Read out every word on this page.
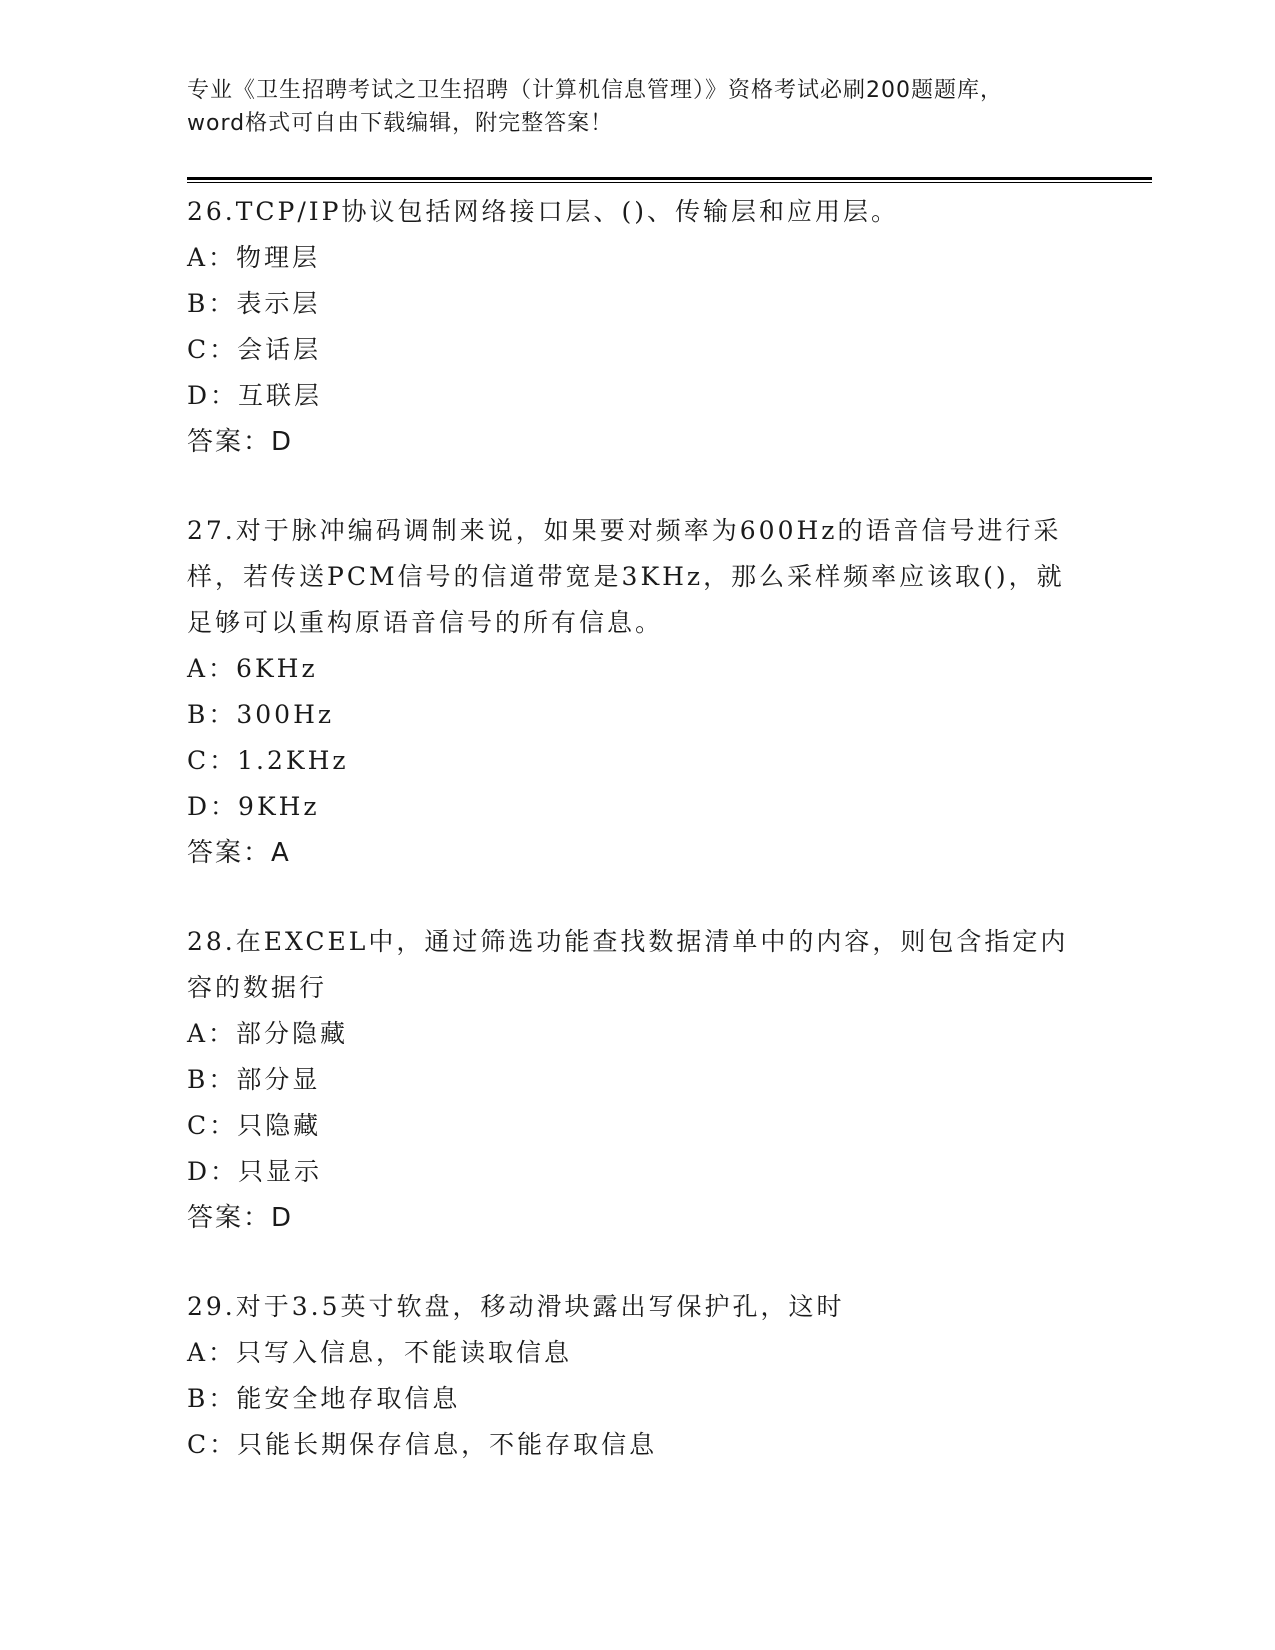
专业《卫生招聘考试之卫生招聘（计算机信息管理）》资格考试必刷200题题库，
word格式可自由下载编辑，附完整答案！
26.TCP/IP协议包括网络接口层、()、传输层和应用层。
A：物理层
B：表示层
C：会话层
D：互联层
答案：D
27.对于脉冲编码调制来说，如果要对频率为600Hz的语音信号进行采样，若传送PCM信号的信道带宽是3KHz，那么采样频率应该取()，就足够可以重构原语音信号的所有信息。
A：6KHz
B：300Hz
C：1.2KHz
D：9KHz
答案：A
28.在EXCEL中，通过筛选功能查找数据清单中的内容，则包含指定内容的数据行
A：部分隐藏
B：部分显
C：只隐藏
D：只显示
答案：D
29.对于3.5英寸软盘，移动滑块露出写保护孔，这时
A：只写入信息，不能读取信息
B：能安全地存取信息
C：只能长期保存信息，不能存取信息
